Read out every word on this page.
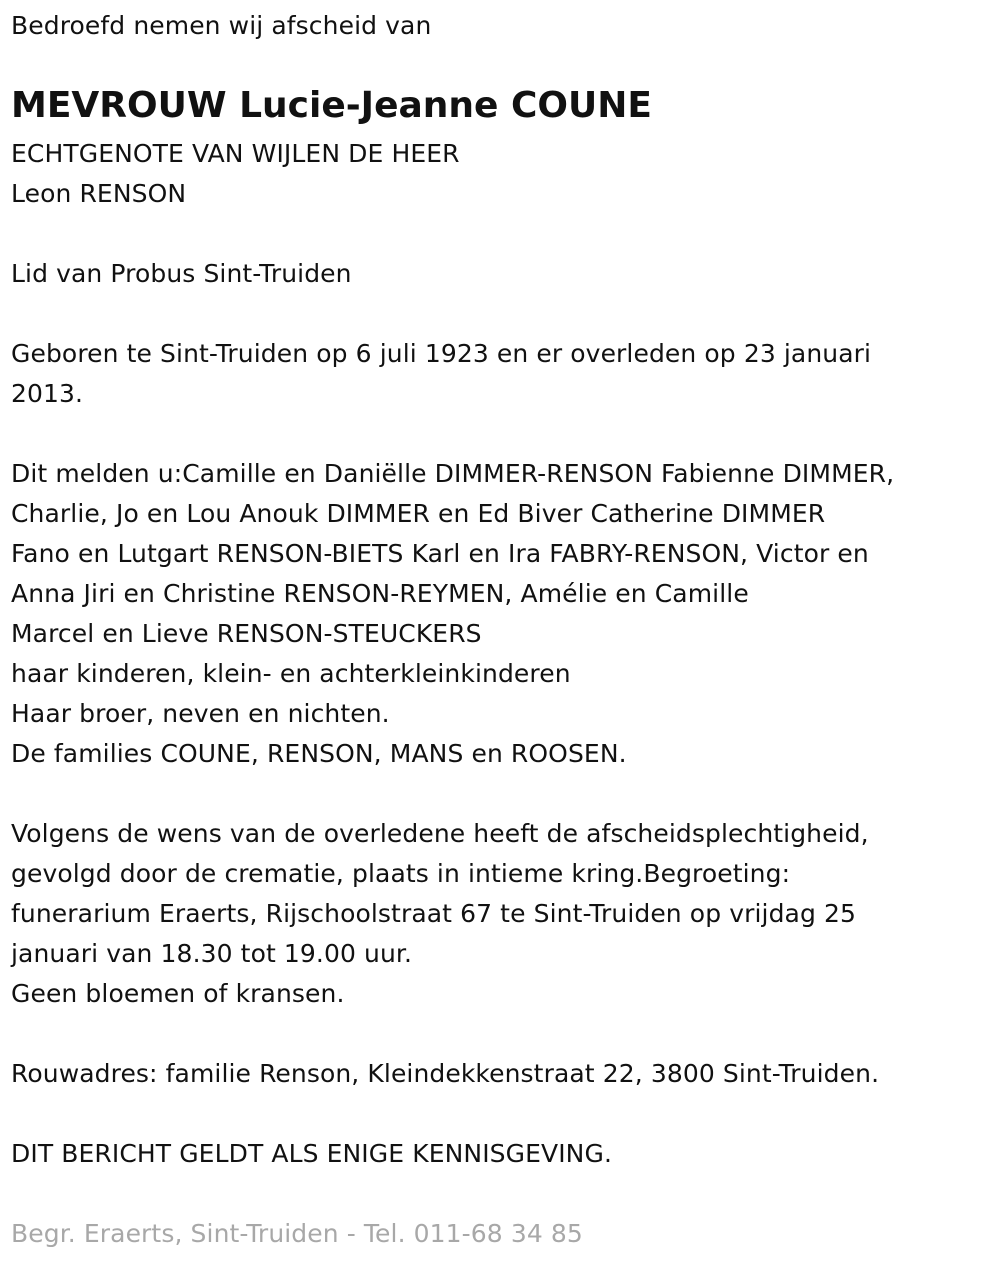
Bedroefd nemen wij afscheid van
MEVROUW Lucie-Jeanne COUNE
ECHTGENOTE VAN WIJLEN DE HEER
Leon RENSON
Lid van Probus Sint-Truiden
Geboren te Sint-Truiden op 6 juli 1923 en er overleden op 23 januari
2013.
Dit melden u:Camille en Daniëlle DIMMER-RENSON Fabienne DIMMER,
Charlie, Jo en Lou Anouk DIMMER en Ed Biver Catherine DIMMER
Fano en Lutgart RENSON-BIETS Karl en Ira FABRY-RENSON, Victor en
Anna Jiri en Christine RENSON-REYMEN, Amélie en Camille
Marcel en Lieve RENSON-STEUCKERS
haar kinderen, klein- en achterkleinkinderen
Haar broer, neven en nichten.
De families COUNE, RENSON, MANS en ROOSEN.
Volgens de wens van de overledene heeft de afscheidsplechtigheid,
gevolgd door de crematie, plaats in intieme kring.Begroeting:
funerarium Eraerts, Rijschoolstraat 67 te Sint-Truiden op vrijdag 25
januari van 18.30 tot 19.00 uur.
Geen bloemen of kransen.
Rouwadres: familie Renson, Kleindekkenstraat 22, 3800 Sint-Truiden.
DIT BERICHT GELDT ALS ENIGE KENNISGEVING.
Begr. Eraerts, Sint-Truiden - Tel. 011-68 34 85
